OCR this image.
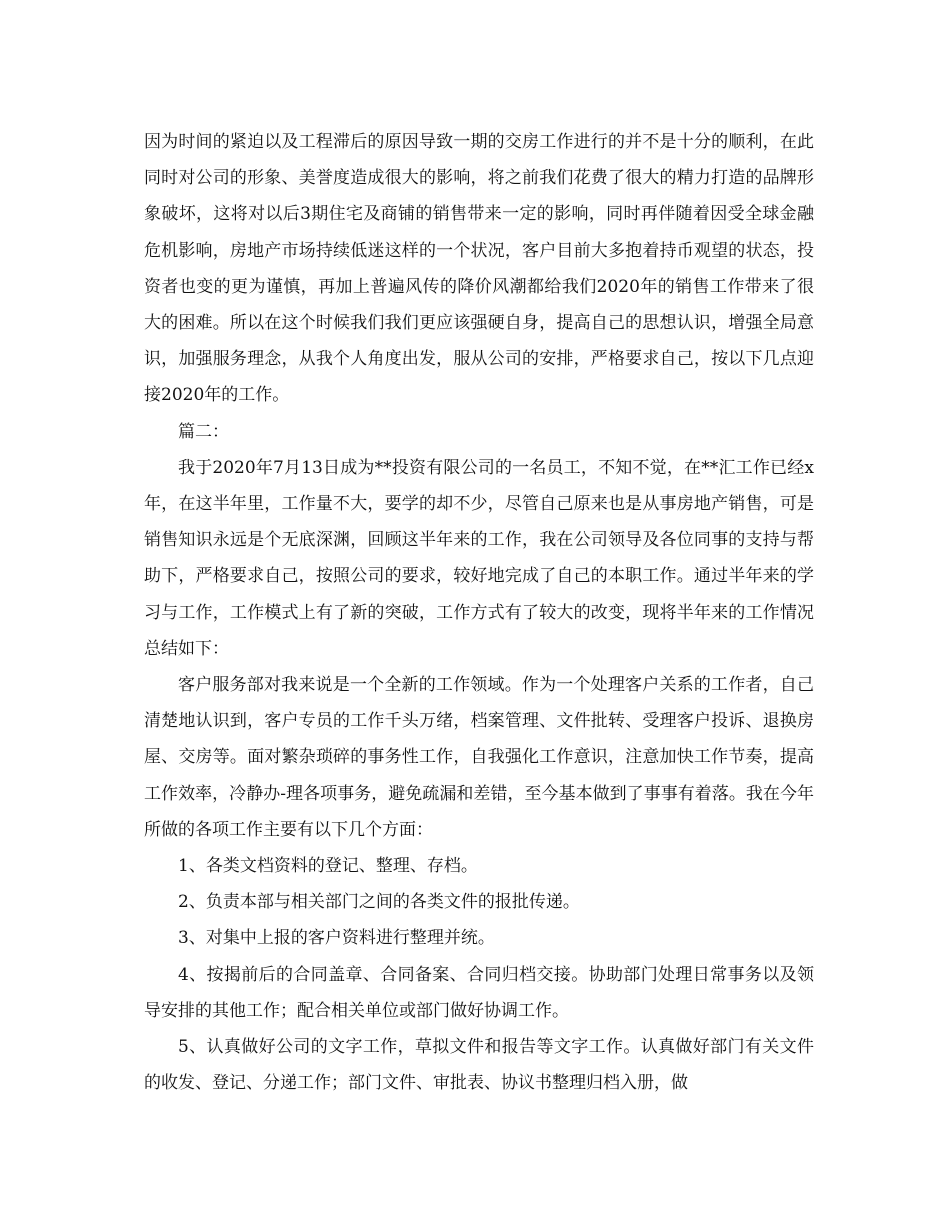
因为时间的紧迫以及工程滞后的原因导致一期的交房工作进行的并不是十分的顺利，在此同时对公司的形象、美誉度造成很大的影响，将之前我们花费了很大的精力打造的品牌形象破坏，这将对以后3期住宅及商铺的销售带来一定的影响，同时再伴随着因受全球金融危机影响，房地产市场持续低迷这样的一个状况，客户目前大多抱着持币观望的状态，投资者也变的更为谨慎，再加上普遍风传的降价风潮都给我们2020年的销售工作带来了很大的困难。所以在这个时候我们我们更应该强硬自身，提高自己的思想认识，增强全局意识，加强服务理念，从我个人角度出发，服从公司的安排，严格要求自己，按以下几点迎接2020年的工作。

篇二：

我于2020年7月13日成为**投资有限公司的一名员工，不知不觉，在**汇工作已经x年，在这半年里，工作量不大，要学的却不少，尽管自己原来也是从事房地产销售，可是销售知识永远是个无底深渊，回顾这半年来的工作，我在公司领导及各位同事的支持与帮助下，严格要求自己，按照公司的要求，较好地完成了自己的本职工作。通过半年来的学习与工作，工作模式上有了新的突破，工作方式有了较大的改变，现将半年来的工作情况总结如下：

客户服务部对我来说是一个全新的工作领域。作为一个处理客户关系的工作者，自己清楚地认识到，客户专员的工作千头万绪，档案管理、文件批转、受理客户投诉、退换房屋、交房等。面对繁杂琐碎的事务性工作，自我强化工作意识，注意加快工作节奏，提高工作效率，冷静办-理各项事务，避免疏漏和差错，至今基本做到了事事有着落。我在今年所做的各项工作主要有以下几个方面：

1、各类文档资料的登记、整理、存档。

2、负责本部与相关部门之间的各类文件的报批传递。

3、对集中上报的客户资料进行整理并统。

4、按揭前后的合同盖章、合同备案、合同归档交接。协助部门处理日常事务以及领导安排的其他工作；配合相关单位或部门做好协调工作。

5、认真做好公司的文字工作，草拟文件和报告等文字工作。认真做好部门有关文件的收发、登记、分递工作；部门文件、审批表、协议书整理归档入册，做
